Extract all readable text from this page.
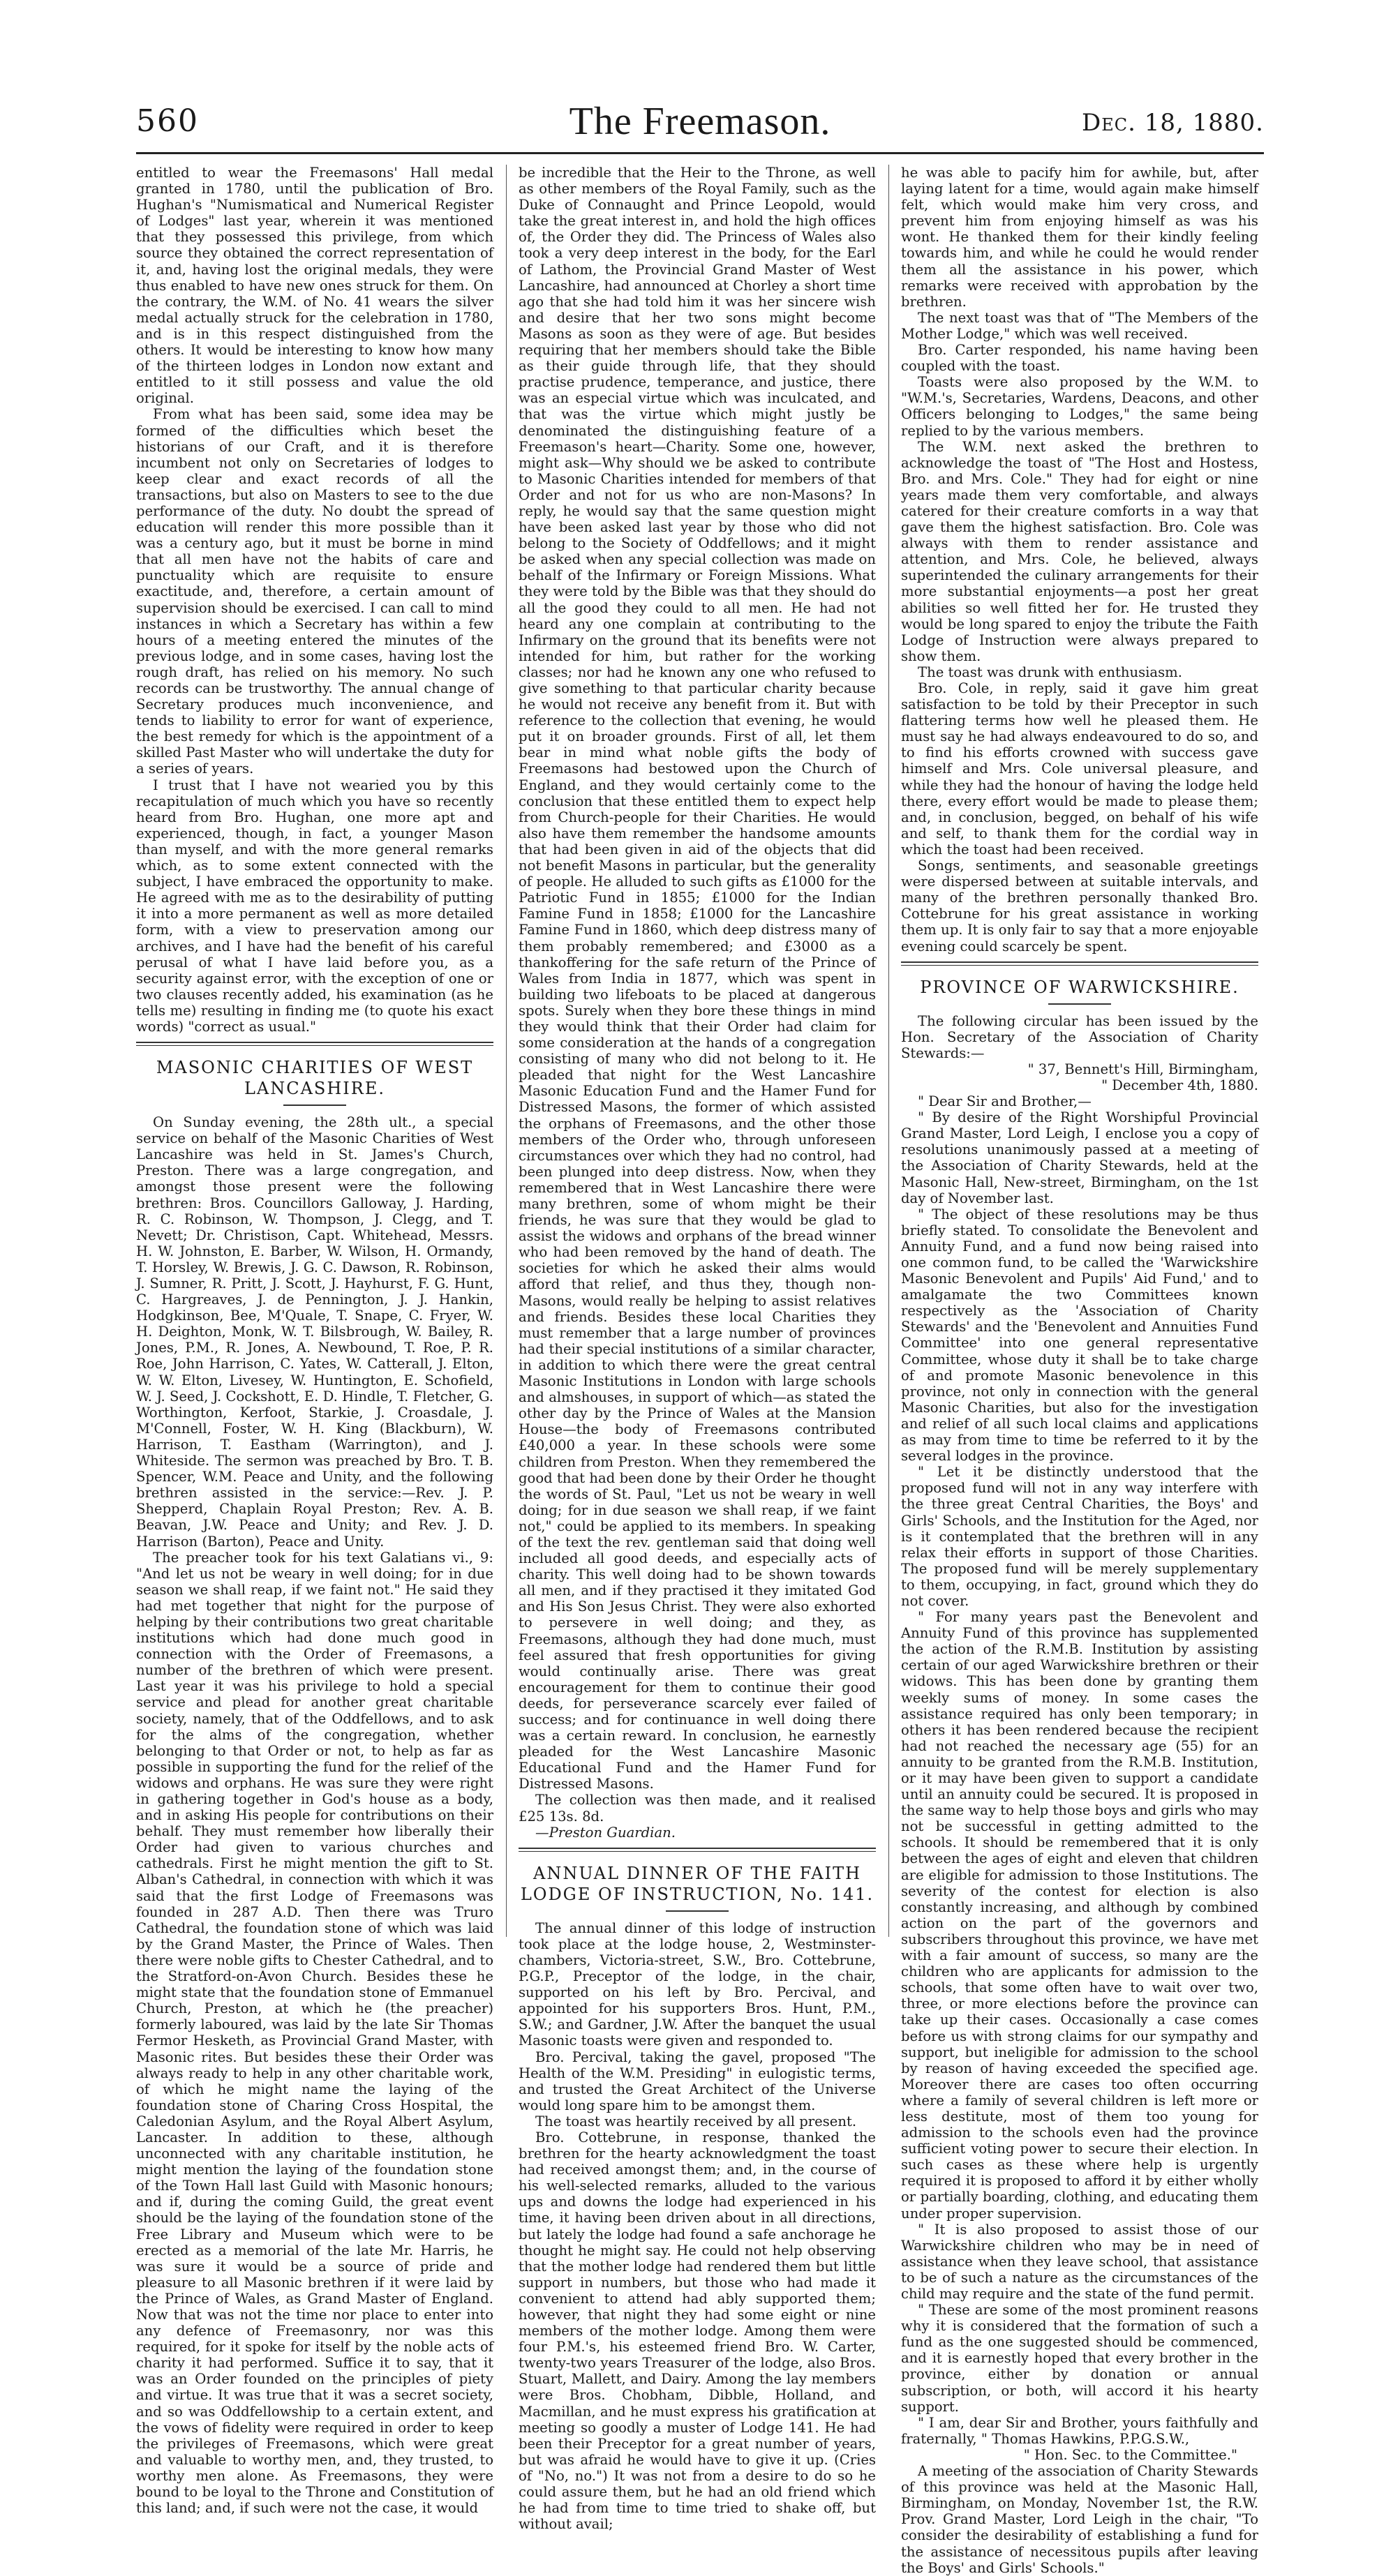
560	The Freemason.	Dec. 18, 1880.

entitled to wear the Freemasons' Hall medal granted in 1780, until the publication of Bro. Hughan's "Numismatical and Numerical Register of Lodges" last year, wherein it was mentioned that they possessed this privilege, from which source they obtained the correct representation of it, and, having lost the original medals, they were thus enabled to have new ones struck for them. On the contrary, the W.M. of No. 41 wears the silver medal actually struck for the celebration in 1780, and is in this respect distinguished from the others. It would be interesting to know how many of the thirteen lodges in London now extant and entitled to it still possess and value the old original.

From what has been said, some idea may be formed of the difficulties which beset the historians of our Craft, and it is therefore incumbent not only on Secretaries of lodges to keep clear and exact records of all the transactions, but also on Masters to see to the due performance of the duty. No doubt the spread of education will render this more possible than it was a century ago, but it must be borne in mind that all men have not the habits of care and punctuality which are requisite to ensure exactitude, and, therefore, a certain amount of supervision should be exercised. I can call to mind instances in which a Secretary has within a few hours of a meeting entered the minutes of the previous lodge, and in some cases, having lost the rough draft, has relied on his memory. No such records can be trustworthy. The annual change of Secretary produces much inconvenience, and tends to liability to error for want of experience, the best remedy for which is the appointment of a skilled Past Master who will undertake the duty for a series of years.

I trust that I have not wearied you by this recapitulation of much which you have so recently heard from Bro. Hughan, one more apt and experienced, though, in fact, a younger Mason than myself, and with the more general remarks which, as to some extent connected with the subject, I have embraced the opportunity to make. He agreed with me as to the desirability of putting it into a more permanent as well as more detailed form, with a view to preservation among our archives, and I have had the benefit of his careful perusal of what I have laid before you, as a security against error, with the exception of one or two clauses recently added, his examination (as he tells me) resulting in finding me (to quote his exact words) "correct as usual."

MASONIC CHARITIES OF WEST LANCASHIRE.

On Sunday evening, the 28th ult., a special service on behalf of the Masonic Charities of West Lancashire was held in St. James's Church, Preston. There was a large congregation, and amongst those present were the following brethren: Bros. Councillors Galloway, J. Harding, R. C. Robinson, W. Thompson, J. Clegg, and T. Nevett; Dr. Christison, Capt. Whitehead, Messrs. H. W. Johnston, E. Barber, W. Wilson, H. Ormandy, T. Horsley, W. Brewis, J. G. C. Dawson, R. Robinson, J. Sumner, R. Pritt, J. Scott, J. Hayhurst, F. G. Hunt, C. Hargreaves, J. de Pennington, J. J. Hankin, Hodgkinson, Bee, M'Quale, T. Snape, C. Fryer, W. H. Deighton, Monk, W. T. Bilsbrough, W. Bailey, R. Jones, P.M., R. Jones, A. Newbound, T. Roe, P. R. Roe, John Harrison, C. Yates, W. Catterall, J. Elton, W. W. Elton, Livesey, W. Huntington, E. Schofield, W. J. Seed, J. Cockshott, E. D. Hindle, T. Fletcher, G. Worthington, Kerfoot, Starkie, J. Croasdale, J. M'Connell, Foster, W. H. King (Blackburn), W. Harrison, T. Eastham (Warrington), and J. Whiteside. The sermon was preached by Bro. T. B. Spencer, W.M. Peace and Unity, and the following brethren assisted in the service:—Rev. J. P. Shepperd, Chaplain Royal Preston; Rev. A. B. Beavan, J.W. Peace and Unity; and Rev. J. D. Harrison (Barton), Peace and Unity.

The preacher took for his text Galatians vi., 9: "And let us not be weary in well doing; for in due season we shall reap, if we faint not." He said they had met together that night for the purpose of helping by their contributions two great charitable institutions which had done much good in connection with the Order of Freemasons, a number of the brethren of which were present. Last year it was his privilege to hold a special service and plead for another great charitable society, namely, that of the Oddfellows, and to ask for the alms of the congregation, whether belonging to that Order or not, to help as far as possible in supporting the fund for the relief of the widows and orphans. He was sure they were right in gathering together in God's house as a body, and in asking His people for contributions on their behalf. They must remember how liberally their Order had given to various churches and cathedrals. First he might mention the gift to St. Alban's Cathedral, in connection with which it was said that the first Lodge of Freemasons was founded in 287 A.D. Then there was Truro Cathedral, the foundation stone of which was laid by the Grand Master, the Prince of Wales. Then there were noble gifts to Chester Cathedral, and to the Stratford-on-Avon Church. Besides these he might state that the foundation stone of Emmanuel Church, Preston, at which he (the preacher) formerly laboured, was laid by the late Sir Thomas Fermor Hesketh, as Provincial Grand Master, with Masonic rites. But besides these their Order was always ready to help in any other charitable work, of which he might name the laying of the foundation stone of Charing Cross Hospital, the Caledonian Asylum, and the Royal Albert Asylum, Lancaster. In addition to these, although unconnected with any charitable institution, he might mention the laying of the foundation stone of the Town Hall last Guild with Masonic honours; and if, during the coming Guild, the great event should be the laying of the foundation stone of the Free Library and Museum which were to be erected as a memorial of the late Mr. Harris, he was sure it would be a source of pride and pleasure to all Masonic brethren if it were laid by the Prince of Wales, as Grand Master of England. Now that was not the time nor place to enter into any defence of Freemasonry, nor was this required, for it spoke for itself by the noble acts of charity it had performed. Suffice it to say, that it was an Order founded on the principles of piety and virtue. It was true that it was a secret society, and so was Oddfellowship to a certain extent, and the vows of fidelity were required in order to keep the privileges of Freemasons, which were great and valuable to worthy men, and, they trusted, to worthy men alone. As Freemasons, they were bound to be loyal to the Throne and Constitution of this land; and, if such were not the case, it would

be incredible that the Heir to the Throne, as well as other members of the Royal Family, such as the Duke of Connaught and Prince Leopold, would take the great interest in, and hold the high offices of, the Order they did. The Princess of Wales also took a very deep interest in the body, for the Earl of Lathom, the Provincial Grand Master of West Lancashire, had announced at Chorley a short time ago that she had told him it was her sincere wish and desire that her two sons might become Masons as soon as they were of age. But besides requiring that her members should take the Bible as their guide through life, that they should practise prudence, temperance, and justice, there was an especial virtue which was inculcated, and that was the virtue which might justly be denominated the distinguishing feature of a Freemason's heart—Charity. Some one, however, might ask—Why should we be asked to contribute to Masonic Charities intended for members of that Order and not for us who are non-Masons? In reply, he would say that the same question might have been asked last year by those who did not belong to the Society of Oddfellows; and it might be asked when any special collection was made on behalf of the Infirmary or Foreign Missions. What they were told by the Bible was that they should do all the good they could to all men. He had not heard any one complain at contributing to the Infirmary on the ground that its benefits were not intended for him, but rather for the working classes; nor had he known any one who refused to give something to that particular charity because he would not receive any benefit from it. But with reference to the collection that evening, he would put it on broader grounds. First of all, let them bear in mind what noble gifts the body of Freemasons had bestowed upon the Church of England, and they would certainly come to the conclusion that these entitled them to expect help from Church-people for their Charities. He would also have them remember the handsome amounts that had been given in aid of the objects that did not benefit Masons in particular, but the generality of people. He alluded to such gifts as £1000 for the Patriotic Fund in 1855; £1000 for the Indian Famine Fund in 1858; £1000 for the Lancashire Famine Fund in 1860, which deep distress many of them probably remembered; and £3000 as a thankoffering for the safe return of the Prince of Wales from India in 1877, which was spent in building two lifeboats to be placed at dangerous spots. Surely when they bore these things in mind they would think that their Order had claim for some consideration at the hands of a congregation consisting of many who did not belong to it. He pleaded that night for the West Lancashire Masonic Education Fund and the Hamer Fund for Distressed Masons, the former of which assisted the orphans of Freemasons, and the other those members of the Order who, through unforeseen circumstances over which they had no control, had been plunged into deep distress. Now, when they remembered that in West Lancashire there were many brethren, some of whom might be their friends, he was sure that they would be glad to assist the widows and orphans of the bread winner who had been removed by the hand of death. The societies for which he asked their alms would afford that relief, and thus they, though non-Masons, would really be helping to assist relatives and friends. Besides these local Charities they must remember that a large number of provinces had their special institutions of a similar character, in addition to which there were the great central Masonic Institutions in London with large schools and almshouses, in support of which—as stated the other day by the Prince of Wales at the Mansion House—the body of Freemasons contributed £40,000 a year. In these schools were some children from Preston. When they remembered the good that had been done by their Order he thought the words of St. Paul, "Let us not be weary in well doing; for in due season we shall reap, if we faint not," could be applied to its members. In speaking of the text the rev. gentleman said that doing well included all good deeds, and especially acts of charity. This well doing had to be shown towards all men, and if they practised it they imitated God and His Son Jesus Christ. They were also exhorted to persevere in well doing; and they, as Freemasons, although they had done much, must feel assured that fresh opportunities for giving would continually arise. There was great encouragement for them to continue their good deeds, for perseverance scarcely ever failed of success; and for continuance in well doing there was a certain reward. In conclusion, he earnestly pleaded for the West Lancashire Masonic Educational Fund and the Hamer Fund for Distressed Masons.

The collection was then made, and it realised £25 13s. 8d.

—Preston Guardian.

ANNUAL DINNER OF THE FAITH LODGE OF INSTRUCTION, No. 141.

The annual dinner of this lodge of instruction took place at the lodge house, 2, Westminster-chambers, Victoria-street, S.W., Bro. Cottebrune, P.G.P., Preceptor of the lodge, in the chair, supported on his left by Bro. Percival, and appointed for his supporters Bros. Hunt, P.M., S.W.; and Gardner, J.W. After the banquet the usual Masonic toasts were given and responded to.

Bro. Percival, taking the gavel, proposed "The Health of the W.M. Presiding" in eulogistic terms, and trusted the Great Architect of the Universe would long spare him to be amongst them.

The toast was heartily received by all present.

Bro. Cottebrune, in response, thanked the brethren for the hearty acknowledgment the toast had received amongst them; and, in the course of his well-selected remarks, alluded to the various ups and downs the lodge had experienced in his time, it having been driven about in all directions, but lately the lodge had found a safe anchorage he thought he might say. He could not help observing that the mother lodge had rendered them but little support in numbers, but those who had made it convenient to attend had ably supported them; however, that night they had some eight or nine members of the mother lodge. Among them were four P.M.'s, his esteemed friend Bro. W. Carter, twenty-two years Treasurer of the lodge, also Bros. Stuart, Mallett, and Dairy. Among the lay members were Bros. Chobham, Dibble, Holland, and Macmillan, and he must express his gratification at meeting so goodly a muster of Lodge 141. He had been their Preceptor for a great number of years, but was afraid he would have to give it up. (Cries of "No, no.") It was not from a desire to do so he could assure them, but he had an old friend which he had from time to time tried to shake off, but without avail;

he was able to pacify him for awhile, but, after laying latent for a time, would again make himself felt, which would make him very cross, and prevent him from enjoying himself as was his wont. He thanked them for their kindly feeling towards him, and while he could he would render them all the assistance in his power, which remarks were received with approbation by the brethren.

The next toast was that of "The Members of the Mother Lodge," which was well received.

Bro. Carter responded, his name having been coupled with the toast.

Toasts were also proposed by the W.M. to "W.M.'s, Secretaries, Wardens, Deacons, and other Officers belonging to Lodges," the same being replied to by the various members.

The W.M. next asked the brethren to acknowledge the toast of "The Host and Hostess, Bro. and Mrs. Cole." They had for eight or nine years made them very comfortable, and always catered for their creature comforts in a way that gave them the highest satisfaction. Bro. Cole was always with them to render assistance and attention, and Mrs. Cole, he believed, always superintended the culinary arrangements for their more substantial enjoyments—a post her great abilities so well fitted her for. He trusted they would be long spared to enjoy the tribute the Faith Lodge of Instruction were always prepared to show them.

The toast was drunk with enthusiasm.

Bro. Cole, in reply, said it gave him great satisfaction to be told by their Preceptor in such flattering terms how well he pleased them. He must say he had always endeavoured to do so, and to find his efforts crowned with success gave himself and Mrs. Cole universal pleasure, and while they had the honour of having the lodge held there, every effort would be made to please them; and, in conclusion, begged, on behalf of his wife and self, to thank them for the cordial way in which the toast had been received.

Songs, sentiments, and seasonable greetings were dispersed between at suitable intervals, and many of the brethren personally thanked Bro. Cottebrune for his great assistance in working them up. It is only fair to say that a more enjoyable evening could scarcely be spent.

PROVINCE OF WARWICKSHIRE.

The following circular has been issued by the Hon. Secretary of the Association of Charity Stewards:—

" 37, Bennett's Hill, Birmingham,

" December 4th, 1880.

" Dear Sir and Brother,—

" By desire of the Right Worshipful Provincial Grand Master, Lord Leigh, I enclose you a copy of resolutions unanimously passed at a meeting of the Association of Charity Stewards, held at the Masonic Hall, New-street, Birmingham, on the 1st day of November last.

" The object of these resolutions may be thus briefly stated. To consolidate the Benevolent and Annuity Fund, and a fund now being raised into one common fund, to be called the 'Warwickshire Masonic Benevolent and Pupils' Aid Fund,' and to amalgamate the two Committees known respectively as the 'Association of Charity Stewards' and the 'Benevolent and Annuities Fund Committee' into one general representative Committee, whose duty it shall be to take charge of and promote Masonic benevolence in this province, not only in connection with the general Masonic Charities, but also for the investigation and relief of all such local claims and applications as may from time to time be referred to it by the several lodges in the province.

" Let it be distinctly understood that the proposed fund will not in any way interfere with the three great Central Charities, the Boys' and Girls' Schools, and the Institution for the Aged, nor is it contemplated that the brethren will in any relax their efforts in support of those Charities. The proposed fund will be merely supplementary to them, occupying, in fact, ground which they do not cover.

" For many years past the Benevolent and Annuity Fund of this province has supplemented the action of the R.M.B. Institution by assisting certain of our aged Warwickshire brethren or their widows. This has been done by granting them weekly sums of money. In some cases the assistance required has only been temporary; in others it has been rendered because the recipient had not reached the necessary age (55) for an annuity to be granted from the R.M.B. Institution, or it may have been given to support a candidate until an annuity could be secured. It is proposed in the same way to help those boys and girls who may not be successful in getting admitted to the schools. It should be remembered that it is only between the ages of eight and eleven that children are eligible for admission to those Institutions. The severity of the contest for election is also constantly increasing, and although by combined action on the part of the governors and subscribers throughout this province, we have met with a fair amount of success, so many are the children who are applicants for admission to the schools, that some often have to wait over two, three, or more elections before the province can take up their cases. Occasionally a case comes before us with strong claims for our sympathy and support, but ineligible for admission to the school by reason of having exceeded the specified age. Moreover there are cases too often occurring where a family of several children is left more or less destitute, most of them too young for admission to the schools even had the province sufficient voting power to secure their election. In such cases as these where help is urgently required it is proposed to afford it by either wholly or partially boarding, clothing, and educating them under proper supervision.

" It is also proposed to assist those of our Warwickshire children who may be in need of assistance when they leave school, that assistance to be of such a nature as the circumstances of the child may require and the state of the fund permit.

" These are some of the most prominent reasons why it is considered that the formation of such a fund as the one suggested should be commenced, and it is earnestly hoped that every brother in the province, either by donation or annual subscription, or both, will accord it his hearty support.

" I am, dear Sir and Brother, yours faithfully and fraternally, " Thomas Hawkins, P.P.G.S.W.,

" Hon. Sec. to the Committee."

A meeting of the association of Charity Stewards of this province was held at the Masonic Hall, Birmingham, on Monday, November 1st, the R.W. Prov. Grand Master, Lord Leigh in the chair, "To consider the desirability of establishing a fund for the assistance of necessitous pupils after leaving the Boys' and Girls' Schools."
